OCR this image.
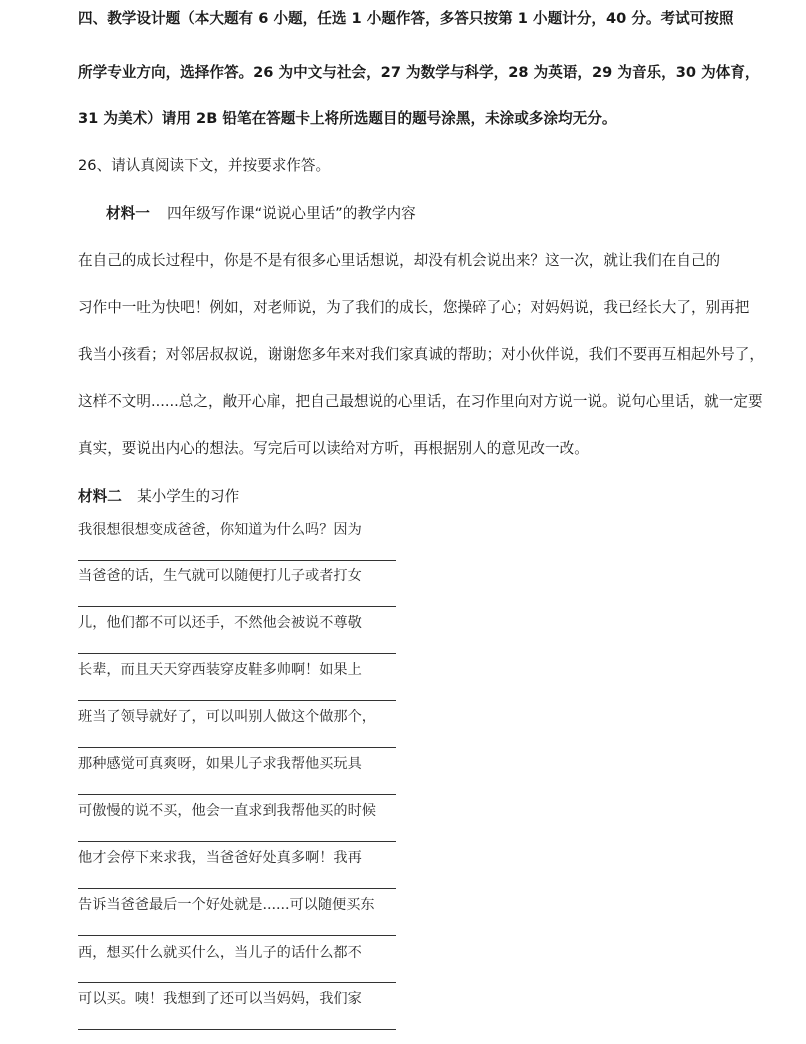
四、教学设计题（本大题有 6 小题，任选 1 小题作答，多答只按第 1 小题计分，40 分。考试可按照
所学专业方向，选择作答。26 为中文与社会，27 为数学与科学，28 为英语，29 为音乐，30 为体育，
31 为美术）请用 2B 铅笔在答题卡上将所选题目的题号涂黑，未涂或多涂均无分。
26、请认真阅读下文，并按要求作答。
材料一 四年级写作课“说说心里话”的教学内容
在自己的成长过程中，你是不是有很多心里话想说，却没有机会说出来？这一次，就让我们在自己的
习作中一吐为快吧！例如，对老师说，为了我们的成长，您操碎了心；对妈妈说，我已经长大了，别再把
我当小孩看；对邻居叔叔说，谢谢您多年来对我们家真诚的帮助；对小伙伴说，我们不要再互相起外号了，
这样不文明......总之，敞开心扉，把自己最想说的心里话，在习作里向对方说一说。说句心里话，就一定要
真实，要说出内心的想法。写完后可以读给对方听，再根据别人的意见改一改。
材料二 某小学生的习作
我很想很想变成爸爸，你知道为什么吗？因为
当爸爸的话，生气就可以随便打儿子或者打女
儿，他们都不可以还手，不然他会被说不尊敬
长辈，而且天天穿西装穿皮鞋多帅啊！如果上
班当了领导就好了，可以叫别人做这个做那个，
那种感觉可真爽呀，如果儿子求我帮他买玩具
可傲慢的说不买，他会一直求到我帮他买的时候
他才会停下来求我，当爸爸好处真多啊！我再
告诉当爸爸最后一个好处就是......可以随便买东
西，想买什么就买什么，当儿子的话什么都不
可以买。咦！我想到了还可以当妈妈，我们家
